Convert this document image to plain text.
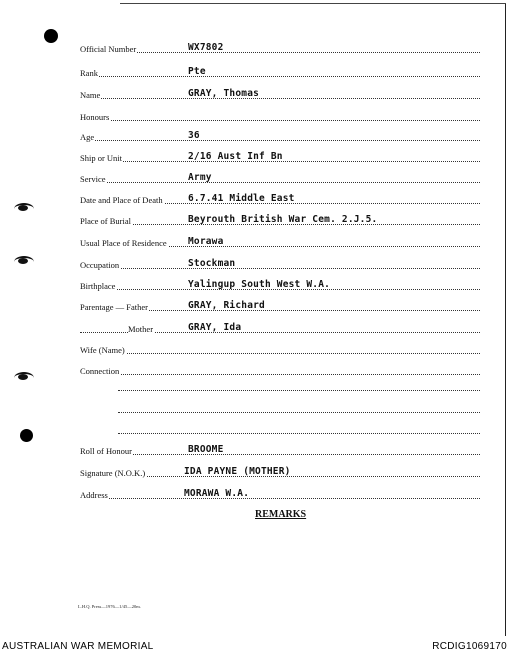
Official Number	WX7802
Rank	Pte
Name	GRAY, Thomas
Honours
Age	36
Ship or Unit	2/16 Aust Inf Bn
Service	Army
Date and Place of Death	6.7.41 Middle East
Place of Burial	Beyrouth British War Cem. 2.J.5.
Usual Place of Residence Morawa
Occupation	Stockman
Birthplace	Yalingup South West W.A.
Parentage — Father	GRAY, Richard
Mother	GRAY, Ida
Wife (Name)
Connection
Roll of Honour	BROOME
Signature (N.O.K.)	IDA PAYNE (MOTHER)
Address	MORAWA W.A.
REMARKS
L.H.Q. Press—1976—1/45—20m.
AUSTRALIAN WAR MEMORIAL	RCDIG1069170
